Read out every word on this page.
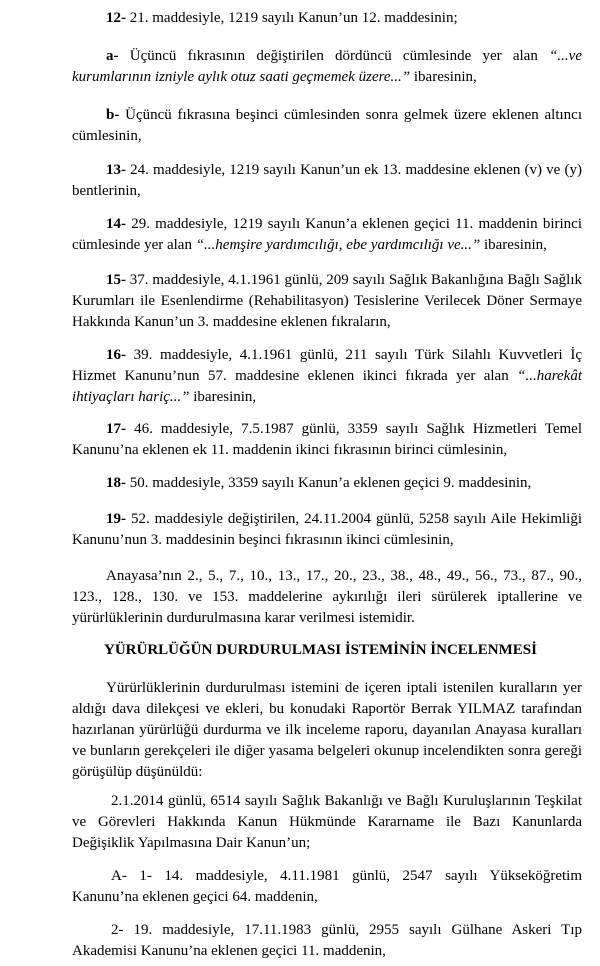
12- 21. maddesiyle, 1219 sayılı Kanun’un 12. maddesinin;

a- Üçüncü fıkrasının değiştirilen dördüncü cümlesinde yer alan “...ve kurumlarının izniyle aylık otuz saati geçmemek üzere...” ibaresinin,

b- Üçüncü fıkrasına beşinci cümlesinden sonra gelmek üzere eklenen altıncı cümlesinin,

13- 24. maddesiyle, 1219 sayılı Kanun’un ek 13. maddesine eklenen (v) ve (y) bentlerinin,

14- 29. maddesiyle, 1219 sayılı Kanun’a eklenen geçici 11. maddenin birinci cümlesinde yer alan “...hemşire yardımcılığı, ebe yardımcılığı ve...” ibaresinin,

15- 37. maddesiyle, 4.1.1961 günlü, 209 sayılı Sağlık Bakanlığına Bağlı Sağlık Kurumları ile Esenlendirme (Rehabilitasyon) Tesislerine Verilecek Döner Sermaye Hakkında Kanun’un 3. maddesine eklenen fıkraların,

16- 39. maddesiyle, 4.1.1961 günlü, 211 sayılı Türk Silahlı Kuvvetleri İç Hizmet Kanunu’nun 57. maddesine eklenen ikinci fıkrada yer alan “...harekât ihtiyaçları hariç...” ibaresinin,

17- 46. maddesiyle, 7.5.1987 günlü, 3359 sayılı Sağlık Hizmetleri Temel Kanunu’na eklenen ek 11. maddenin ikinci fıkrasının birinci cümlesinin,

18- 50. maddesiyle, 3359 sayılı Kanun’a eklenen geçici 9. maddesinin,

19- 52. maddesiyle değiştirilen, 24.11.2004 günlü, 5258 sayılı Aile Hekimliği Kanunu’nun 3. maddesinin beşinci fıkrasının ikinci cümlesinin,

Anayasa’nın 2., 5., 7., 10., 13., 17., 20., 23., 38., 48., 49., 56., 73., 87., 90., 123., 128., 130. ve 153. maddelerine aykırılığı ileri sürülerek iptallerine ve yürürlüklerinin durdurulmasına karar verilmesi istemidir.

YÜRÜRLÜĞÜN DURDURULMASI İSTEMİNİN İNCELENMESİ

Yürürlüklerinin durdurulması istemini de içeren iptali istenilen kuralların yer aldığı dava dilekçesi ve ekleri, bu konudaki Raportör Berrak YILMAZ tarafından hazırlanan yürürlüğü durdurma ve ilk inceleme raporu, dayanılan Anayasa kuralları ve bunların gerekçeleri ile diğer yasama belgeleri okunup incelendikten sonra gereği görüşülüp düşünüldü:

2.1.2014 günlü, 6514 sayılı Sağlık Bakanlığı ve Bağlı Kuruluşlarının Teşkilat ve Görevleri Hakkında Kanun Hükmünde Kararname ile Bazı Kanunlarda Değişiklik Yapılmasına Dair Kanun’un;

A- 1- 14. maddesiyle, 4.11.1981 günlü, 2547 sayılı Yükseköğretim Kanunu’na eklenen geçici 64. maddenin,

2- 19. maddesiyle, 17.11.1983 günlü, 2955 sayılı Gülhane Askeri Tıp Akademisi Kanunu’na eklenen geçici 11. maddenin,
